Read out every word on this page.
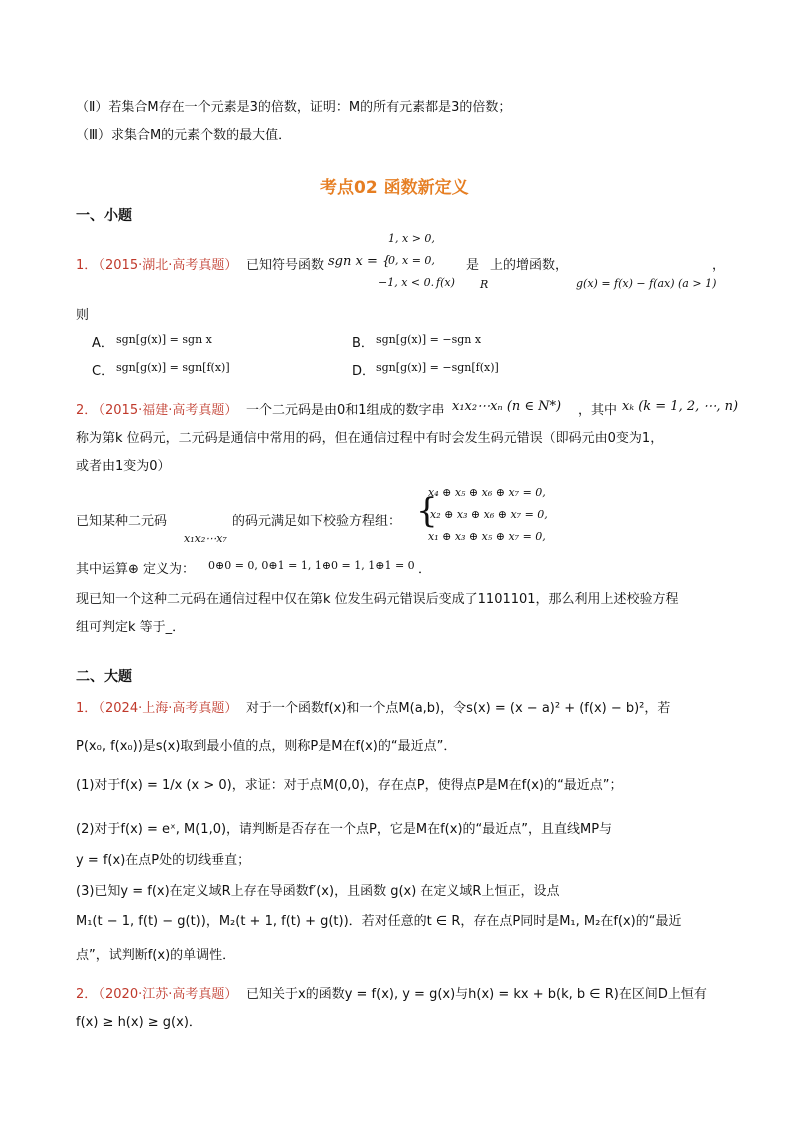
（Ⅱ）若集合M存在一个元素是3的倍数，证明：M的所有元素都是3的倍数；
（Ⅲ）求集合M的元素个数的最大值．
考点02 函数新定义
一、小题
1．
（2015·湖北·高考真题） 已知符号函数 sgn x = {
1, x > 0,
0, x = 0,
−1, x < 0. f(x)
是
R
上的增函数，
g(x) = f(x) − f(ax) (a > 1)
，
则
A． sgn[g(x)] = sgn x	B． sgn[g(x)] = −sgn x
C． sgn[g(x)] = sgn[f(x)]	D． sgn[g(x)] = −sgn[f(x)]
2．
（2015·福建·高考真题） 一个二元码是由0和1组成的数字串 x₁x₂⋯xₙ (n ∈ N*) ，其中 xₖ (k = 1, 2, ⋯, n)
称为第k 位码元，二元码是通信中常用的码，但在通信过程中有时会发生码元错误（即码元由0变为1，
或者由1变为0）
已知某种二元码
x₁x₂⋯x₇
的码元满足如下校验方程组： {
x₄ ⊕ x₅ ⊕ x₆ ⊕ x₇ = 0,
x₂ ⊕ x₃ ⊕ x₆ ⊕ x₇ = 0,
x₁ ⊕ x₃ ⊕ x₅ ⊕ x₇ = 0,
其中运算⊕ 定义为： 0⊕0 = 0, 0⊕1 = 1, 1⊕0 = 1, 1⊕1 = 0 ．
现已知一个这种二元码在通信过程中仅在第k 位发生码元错误后变成了1101101，那么利用上述校验方程
组可判定k 等于_．
二、大题
1．
（2024·上海·高考真题） 对于一个函数f(x)和一个点M(a,b)，令s(x) = (x − a)² + (f(x) − b)²，若
P(x₀, f(x₀))是s(x)取到最小值的点，则称P是M在f(x)的“最近点”．
(1)对于f(x) = 1/x (x > 0)，求证：对于点M(0,0)，存在点P，使得点P是M在f(x)的“最近点”；
(2)对于f(x) = eˣ, M(1,0)，请判断是否存在一个点P，它是M在f(x)的“最近点”，且直线MP与
y = f(x)在点P处的切线垂直；
(3)已知y = f(x)在定义域R上存在导函数f′(x)，且函数 g(x) 在定义域R上恒正，设点
M₁(t − 1, f(t) − g(t))，M₂(t + 1, f(t) + g(t))．若对任意的t ∈ R，存在点P同时是M₁, M₂在f(x)的“最近
点”，试判断f(x)的单调性．
2．
（2020·江苏·高考真题） 已知关于x的函数y = f(x), y = g(x)与h(x) = kx + b(k, b ∈ R)在区间D上恒有
f(x) ≥ h(x) ≥ g(x)．
